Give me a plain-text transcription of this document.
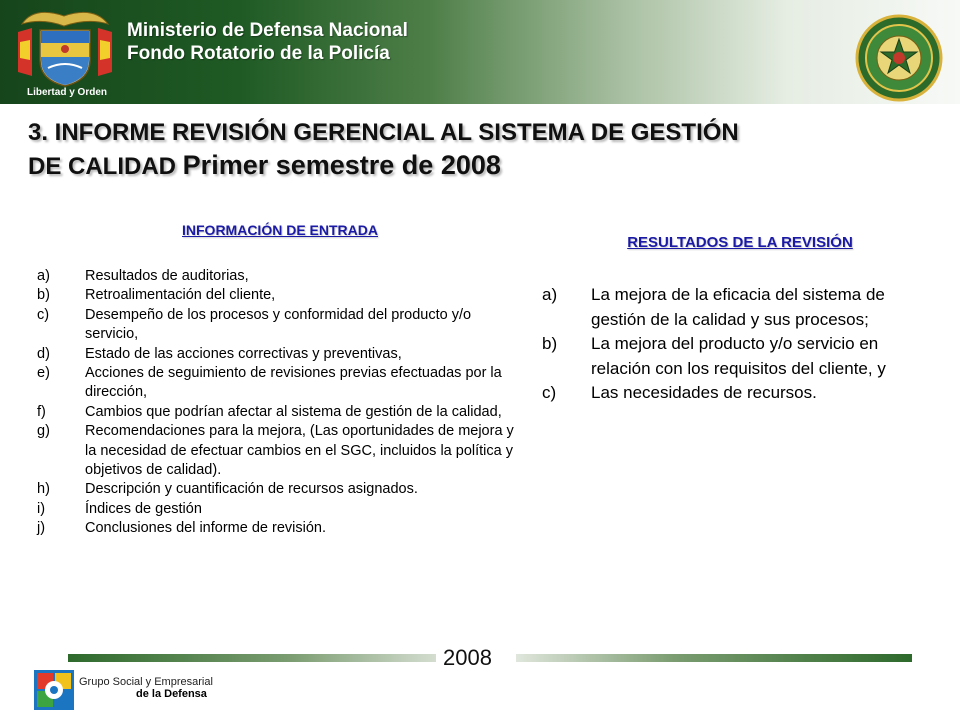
Libertad y Orden
Ministerio de Defensa Nacional
Fondo Rotatorio de la Policía
3. INFORME REVISIÓN GERENCIAL AL SISTEMA DE GESTIÓN
DE CALIDAD Primer semestre de 2008
INFORMACIÓN DE ENTRADA
a)	Resultados de auditorias,
b)	Retroalimentación del cliente,
c)	Desempeño de los procesos y conformidad del producto y/o servicio,
d)	Estado de las acciones correctivas y preventivas,
e)	Acciones de seguimiento de revisiones previas efectuadas por la dirección,
f)	Cambios que podrían afectar al sistema de gestión de la calidad,
g)	Recomendaciones para la mejora, (Las oportunidades de mejora y la necesidad de efectuar cambios en el SGC, incluidos la política y objetivos de calidad).
h)	Descripción y cuantificación de recursos asignados.
i)	Índices de gestión
j)	Conclusiones del informe de revisión.
RESULTADOS DE LA REVISIÓN
a)	La mejora de la eficacia del sistema de gestión de la calidad y sus procesos;
b)	La mejora del producto y/o servicio en relación con los requisitos del cliente, y
c)	Las necesidades de recursos.
2008
Grupo Social y Empresarial
de la Defensa
